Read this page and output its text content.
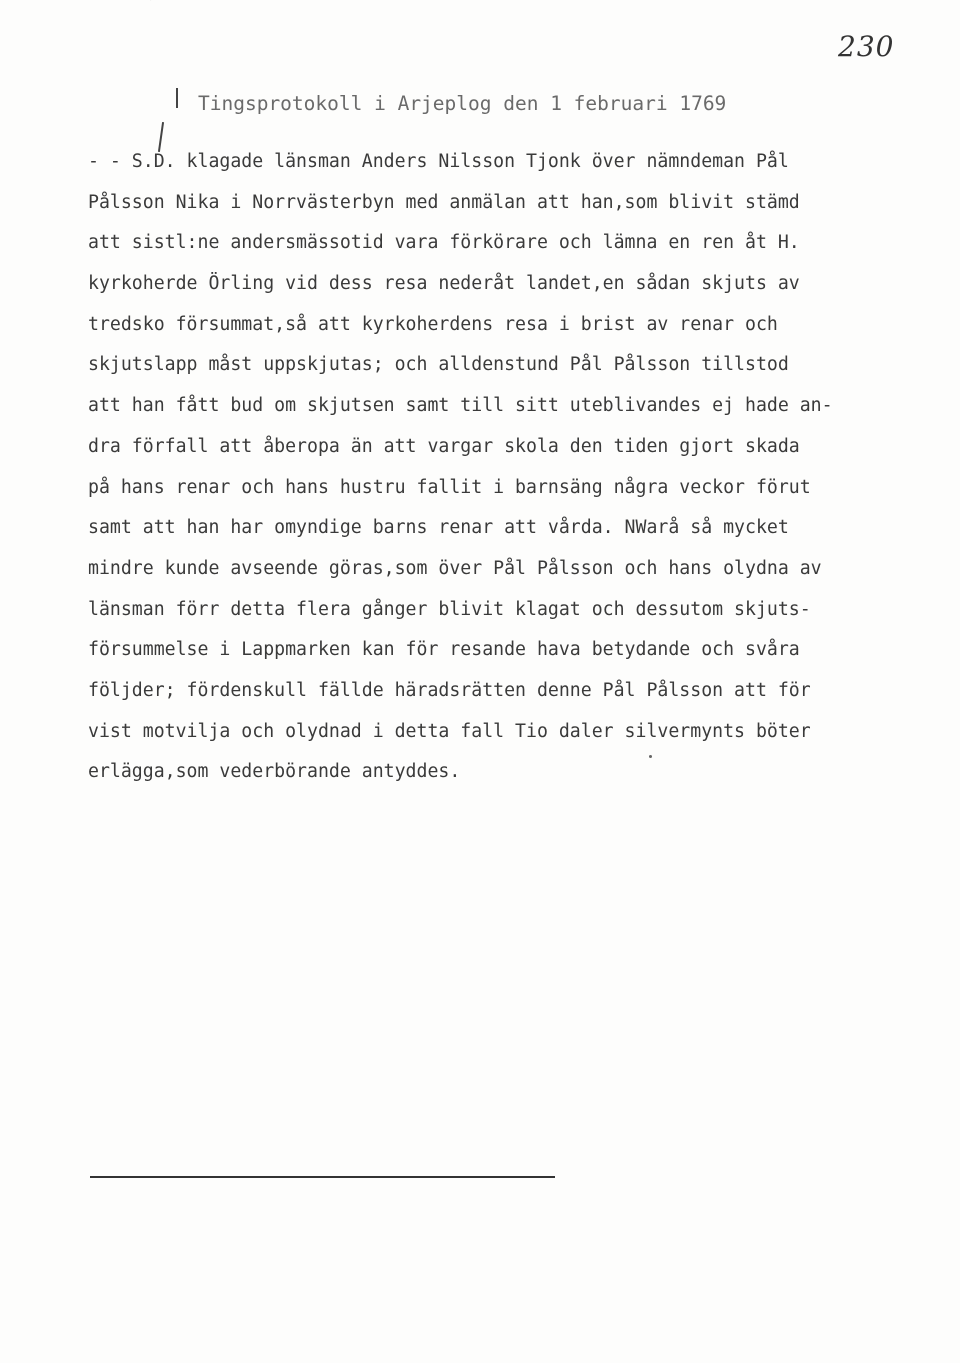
230
Tingsprotokoll i Arjeplog den 1 februari 1769
- - S.D. klagade länsman Anders Nilsson Tjonk över nämndeman Pål
Pålsson Nika i Norrvästerbyn med anmälan att han,som blivit stämd
att sistl:ne andersmässotid vara förkörare och lämna en ren åt H.
kyrkoherde Örling vid dess resa nederåt landet,en sådan skjuts av
tredsko försummat,så att kyrkoherdens resa i brist av renar och
skjutslapp måst uppskjutas; och alldenstund Pål Pålsson tillstod
att han fått bud om skjutsen samt till sitt uteblivandes ej hade an-
dra förfall att åberopa än att vargar skola den tiden gjort skada
på hans renar och hans hustru fallit i barnsäng några veckor förut
samt att han har omyndige barns renar att vårda. NWarå så mycket
mindre kunde avseende göras,som över Pål Pålsson och hans olydna av
länsman förr detta flera gånger blivit klagat och dessutom skjuts-
försummelse i Lappmarken kan för resande hava betydande och svåra
följder; fördenskull fällde häradsrätten denne Pål Pålsson att för
vist motvilja och olydnad i detta fall Tio daler silvermynts böter
erlägga,som vederbörande antyddes.
